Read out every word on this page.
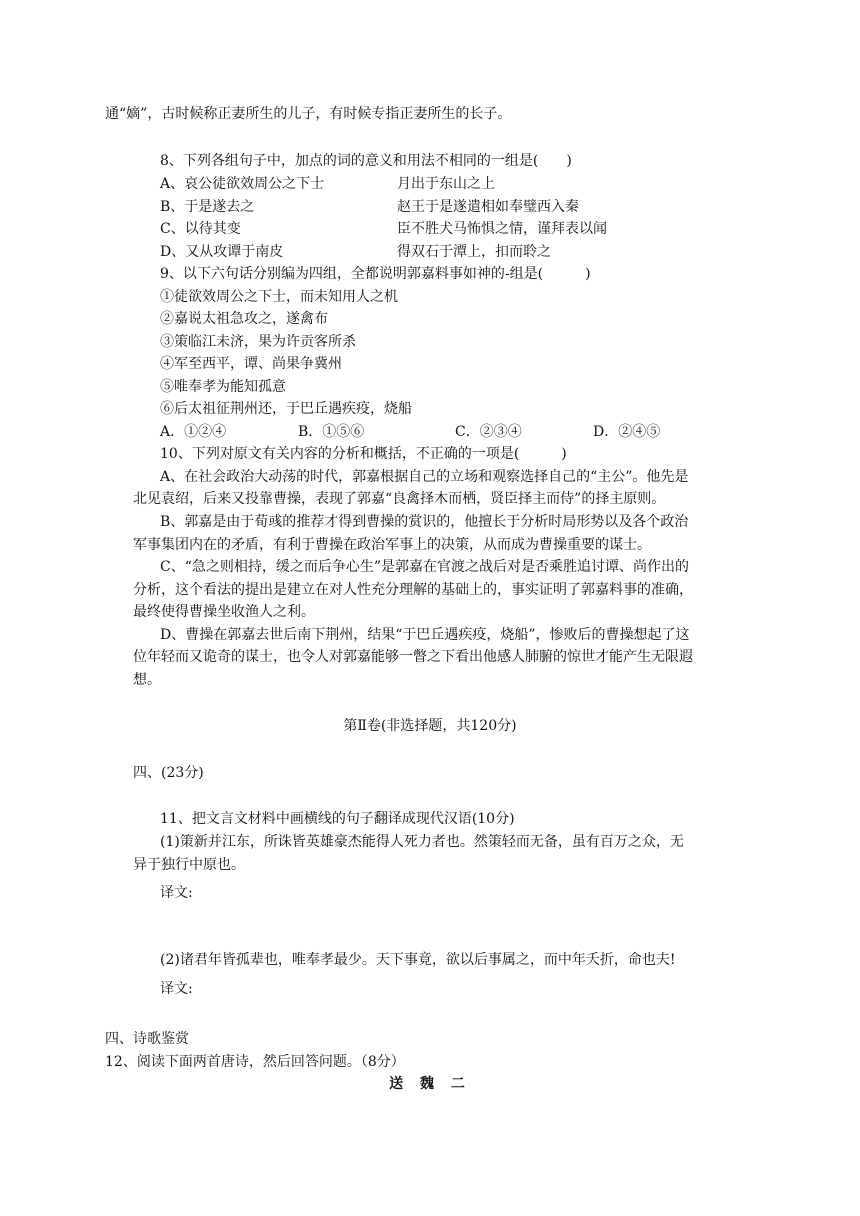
通“嫡”，古时候称正妻所生的儿子，有时候专指正妻所生的长子。
8、下列各组句子中，加点的词的意义和用法不相同的一组是(　　)
A、哀公徒欲效周公之下士	月出于东山之上
B、于是遂去之	赵王于是遂遣相如奉璧西入秦
C、以待其变	臣不胜犬马怖惧之情，谨拜表以闻
D、又从攻谭于南皮	得双石于潭上，扣而聆之
9、以下六句话分别编为四组，全都说明郭嘉料事如神的-组是(　　　)
①徒欲效周公之下士，而未知用人之机
②嘉说太祖急攻之，遂禽布
③策临江未济，果为许贡客所杀
④军至西平，谭、尚果争冀州
⑤唯奉孝为能知孤意
⑥后太祖征荆州还，于巴丘遇疾疫，烧船
A．①②④	B．①⑤⑥	C．②③④	D．②④⑤
10、下列对原文有关内容的分析和概括，不正确的一项是(　　　)
A、在社会政治大动荡的时代，郭嘉根据自己的立场和观察选择自己的“主公”。他先是
北见袁绍，后来又投靠曹操，表现了郭嘉“良禽择木而栖，贤臣择主而侍”的择主原则。
B、郭嘉是由于荀彧的推荐才得到曹操的赏识的，他擅长于分析时局形势以及各个政治
军事集团内在的矛盾，有利于曹操在政治军事上的决策，从而成为曹操重要的谋士。
C、“急之则相持，缓之而后争心生”是郭嘉在官渡之战后对是否乘胜追讨谭、尚作出的
分析，这个看法的提出是建立在对人性充分理解的基础上的，事实证明了郭嘉料事的准确，
最终使得曹操坐收渔人之利。
D、曹操在郭嘉去世后南下荆州，结果“于巴丘遇疾疫，烧船”，惨败后的曹操想起了这
位年轻而又诡奇的谋士，也令人对郭嘉能够一瞥之下看出他感人肺腑的惊世才能产生无限遐
想。
第Ⅱ卷(非选择题，共120分)
四、(23分)
11、把文言文材料中画横线的句子翻译成现代汉语(10分)
(1)策新并江东，所诛皆英雄豪杰能得人死力者也。然策轻而无备，虽有百万之众，无
异于独行中原也。
译文:
(2)诸君年皆孤辈也，唯奉孝最少。天下事竟，欲以后事属之，而中年夭折，命也夫!
译文:
四、诗歌鉴赏
12、阅读下面两首唐诗，然后回答问题。（8分）
送 魏 二
